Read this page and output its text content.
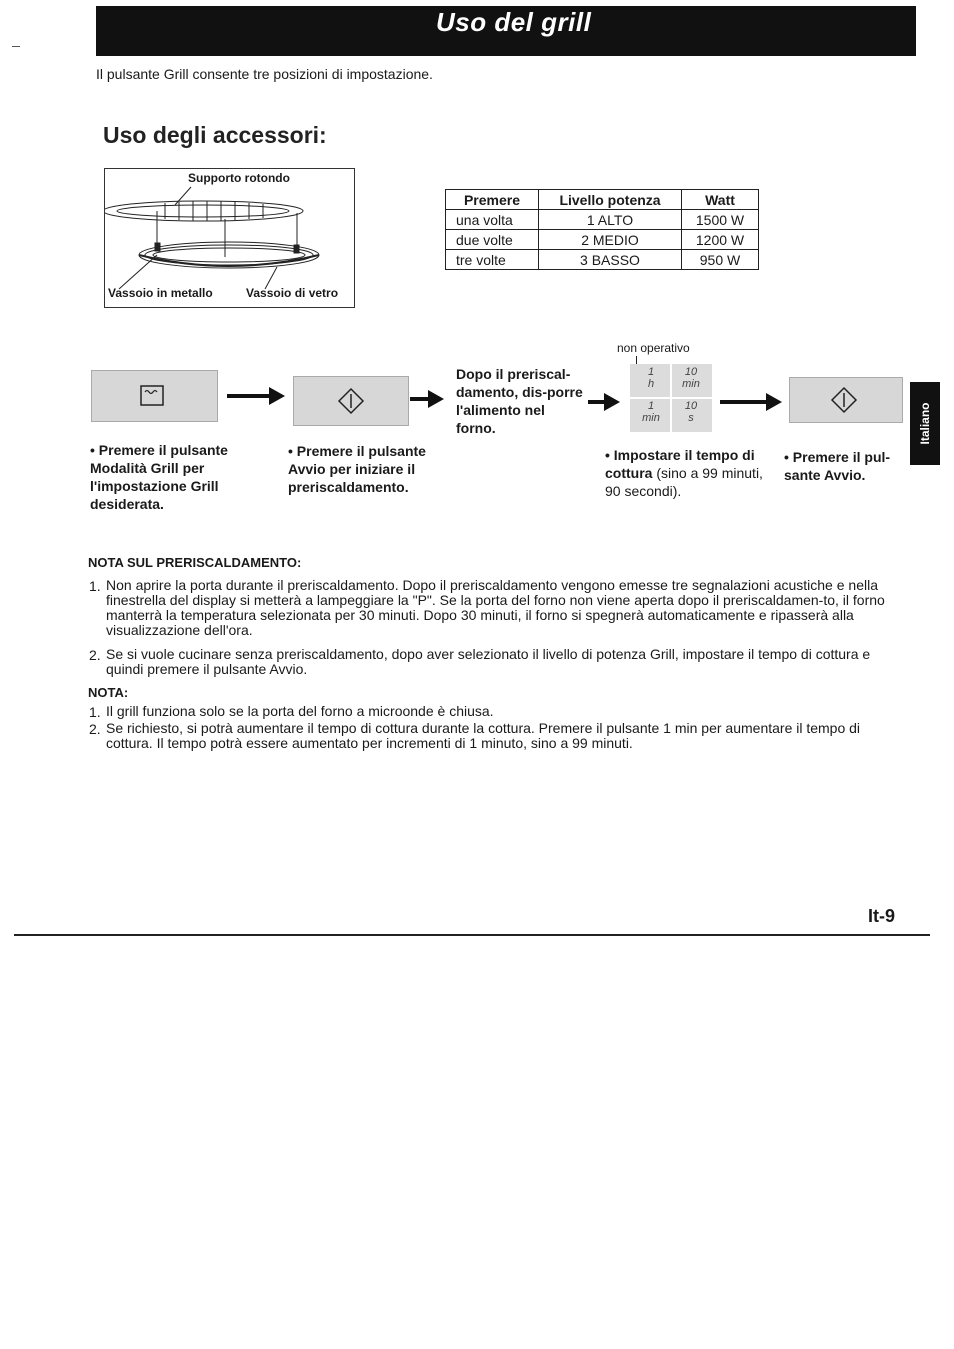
Uso del grill
Il pulsante Grill consente tre posizioni di impostazione.
Uso degli accessori:
Supporto rotondo
Vassoio in metallo	Vassoio di vetro
Premere	Livello potenza	Watt
una volta	1 ALTO	1500 W
due volte	2 MEDIO	1200 W
tre volte	3 BASSO	950 W
Dopo il preriscal-damento, dis-porre l'alimento nel forno.
non operativo
1
h
10
min
1
min
10
s
• Premere il pulsante Modalità Grill per l'impostazione Grill desiderata.
• Premere il pulsante Avvio per iniziare il preriscaldamento.
• Impostare il tempo di cottura (sino a 99 minuti, 90 secondi).
• Premere il pul-sante Avvio.
Italiano
NOTA SUL PRERISCALDAMENTO:
1. Non aprire la porta durante il preriscaldamento. Dopo il preriscaldamento vengono emesse tre segnalazioni acustiche e nella finestrella del display si metterà a lampeggiare la "P". Se la porta del forno non viene aperta dopo il preriscaldamen-to, il forno manterrà la temperatura selezionata per 30 minuti. Dopo 30 minuti, il forno si spegnerà automaticamente e ripasserà alla visualizzazione dell'ora.
2. Se si vuole cucinare senza preriscaldamento, dopo aver selezionato il livello di potenza Grill, impostare il tempo di cottura e quindi premere il pulsante Avvio.
NOTA:
1. Il grill funziona solo se la porta del forno a microonde è chiusa.
2. Se richiesto, si potrà aumentare il tempo di cottura durante la cottura. Premere il pulsante 1 min per aumentare il tempo di cottura. Il tempo potrà essere aumentato per incrementi di 1 minuto, sino a 99 minuti.
It-9
